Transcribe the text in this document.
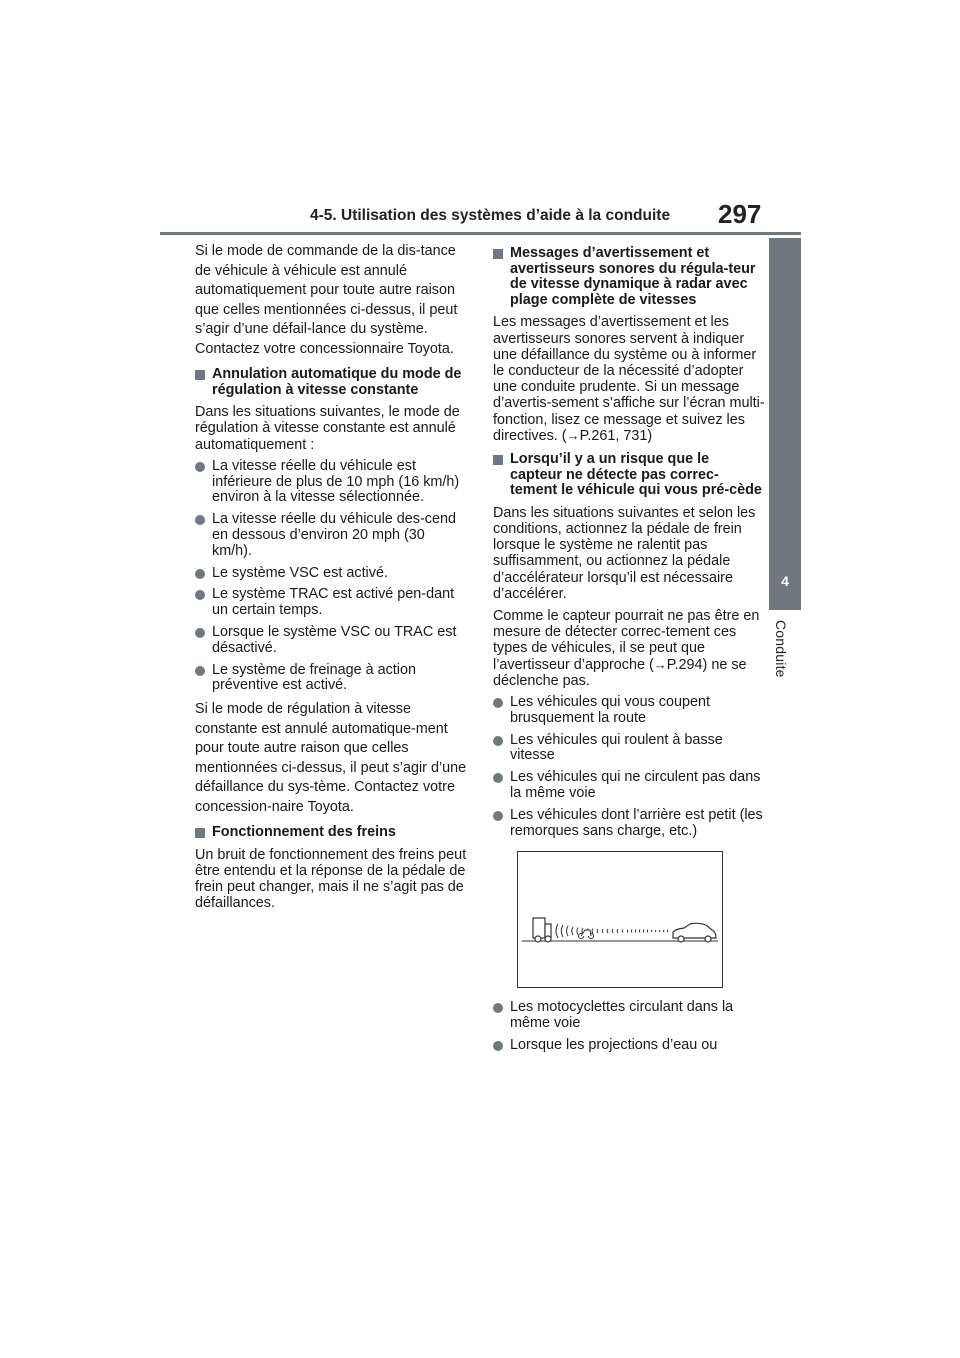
4-5. Utilisation des systèmes d’aide à la conduite 297
4
Conduite

Si le mode de commande de la dis-tance de véhicule à véhicule est annulé automatiquement pour toute autre raison que celles mentionnées ci-dessus, il peut s’agir d’une défail-lance du système. Contactez votre concessionnaire Toyota.

Annulation automatique du mode de régulation à vitesse constante

Dans les situations suivantes, le mode de régulation à vitesse constante est annulé automatiquement :

La vitesse réelle du véhicule est inférieure de plus de 10 mph (16 km/h) environ à la vitesse sélectionnée.
La vitesse réelle du véhicule des-cend en dessous d’environ 20 mph (30 km/h).
Le système VSC est activé.
Le système TRAC est activé pen-dant un certain temps.
Lorsque le système VSC ou TRAC est désactivé.
Le système de freinage à action préventive est activé.

Si le mode de régulation à vitesse constante est annulé automatique-ment pour toute autre raison que celles mentionnées ci-dessus, il peut s’agir d’une défaillance du sys-tème. Contactez votre concession-naire Toyota.

Fonctionnement des freins

Un bruit de fonctionnement des freins peut être entendu et la réponse de la pédale de frein peut changer, mais il ne s’agit pas de défaillances.

Messages d’avertissement et avertisseurs sonores du régula-teur de vitesse dynamique à radar avec plage complète de vitesses

Les messages d’avertissement et les avertisseurs sonores servent à indiquer une défaillance du système ou à informer le conducteur de la nécessité d’adopter une conduite prudente. Si un message d’avertis-sement s’affiche sur l’écran multi-fonction, lisez ce message et suivez les directives. (→P.261, 731)

Lorsqu’il y a un risque que le capteur ne détecte pas correc-tement le véhicule qui vous pré-cède

Dans les situations suivantes et selon les conditions, actionnez la pédale de frein lorsque le système ne ralentit pas suffisamment, ou actionnez la pédale d’accélérateur lorsqu’il est nécessaire d’accélérer.

Comme le capteur pourrait ne pas être en mesure de détecter correc-tement ces types de véhicules, il se peut que l’avertisseur d’approche (→P.294) ne se déclenche pas.

Les véhicules qui vous coupent brusquement la route
Les véhicules qui roulent à basse vitesse
Les véhicules qui ne circulent pas dans la même voie
Les véhicules dont l’arrière est petit (les remorques sans charge, etc.)
Les motocyclettes circulant dans la même voie
Lorsque les projections d’eau ou
